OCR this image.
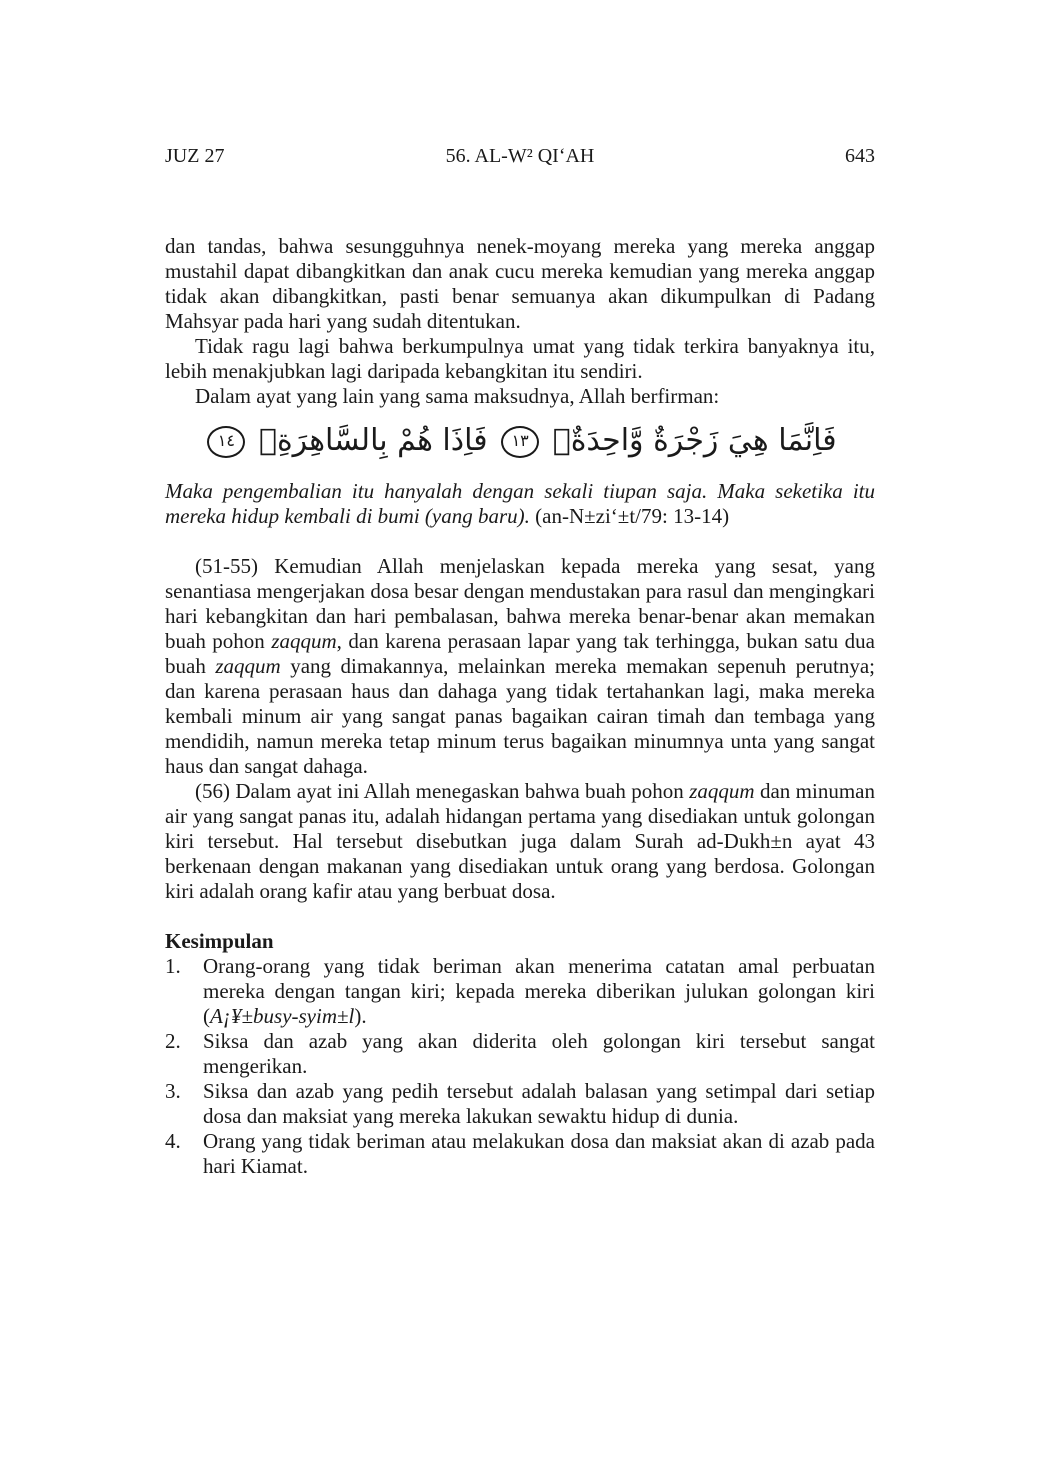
JUZ 27	56. AL-W² QI‘AH	643

dan tandas, bahwa sesungguhnya nenek-moyang mereka yang mereka anggap mustahil dapat dibangkitkan dan anak cucu mereka kemudian yang mereka anggap tidak akan dibangkitkan, pasti benar semuanya akan dikumpulkan di Padang Mahsyar pada hari yang sudah ditentukan.

Tidak ragu lagi bahwa berkumpulnya umat yang tidak terkira banyaknya itu, lebih menakjubkan lagi daripada kebangkitan itu sendiri.

Dalam ayat yang lain yang sama maksudnya, Allah berfirman:

فَاِنَّمَا هِيَ زَجْرَةٌ وَّاحِدَةٌۙ ١٣ فَاِذَا هُمْ بِالسَّاهِرَةِۗ ١٤

Maka pengembalian itu hanyalah dengan sekali tiupan saja. Maka seketika itu mereka hidup kembali di bumi (yang baru). (an-N±zi‘±t/79: 13-14)

(51-55) Kemudian Allah menjelaskan kepada mereka yang sesat, yang senantiasa mengerjakan dosa besar dengan mendustakan para rasul dan mengingkari hari kebangkitan dan hari pembalasan, bahwa mereka benar-benar akan memakan buah pohon zaqqum, dan karena perasaan lapar yang tak terhingga, bukan satu dua buah zaqqum yang dimakannya, melainkan mereka memakan sepenuh perutnya; dan karena perasaan haus dan dahaga yang tidak tertahankan lagi, maka mereka kembali minum air yang sangat panas bagaikan cairan timah dan tembaga yang mendidih, namun mereka tetap minum terus bagaikan minumnya unta yang sangat haus dan sangat dahaga.

(56) Dalam ayat ini Allah menegaskan bahwa buah pohon zaqqum dan minuman air yang sangat panas itu, adalah hidangan pertama yang disediakan untuk golongan kiri tersebut. Hal tersebut disebutkan juga dalam Surah ad-Dukh±n ayat 43 berkenaan dengan makanan yang disediakan untuk orang yang berdosa. Golongan kiri adalah orang kafir atau yang berbuat dosa.

Kesimpulan
1. Orang-orang yang tidak beriman akan menerima catatan amal perbuatan mereka dengan tangan kiri; kepada mereka diberikan julukan golongan kiri (A¡¥±busy-syim±l).
2. Siksa dan azab yang akan diderita oleh golongan kiri tersebut sangat mengerikan.
3. Siksa dan azab yang pedih tersebut adalah balasan yang setimpal dari setiap dosa dan maksiat yang mereka lakukan sewaktu hidup di dunia.
4. Orang yang tidak beriman atau melakukan dosa dan maksiat akan di azab pada hari Kiamat.
